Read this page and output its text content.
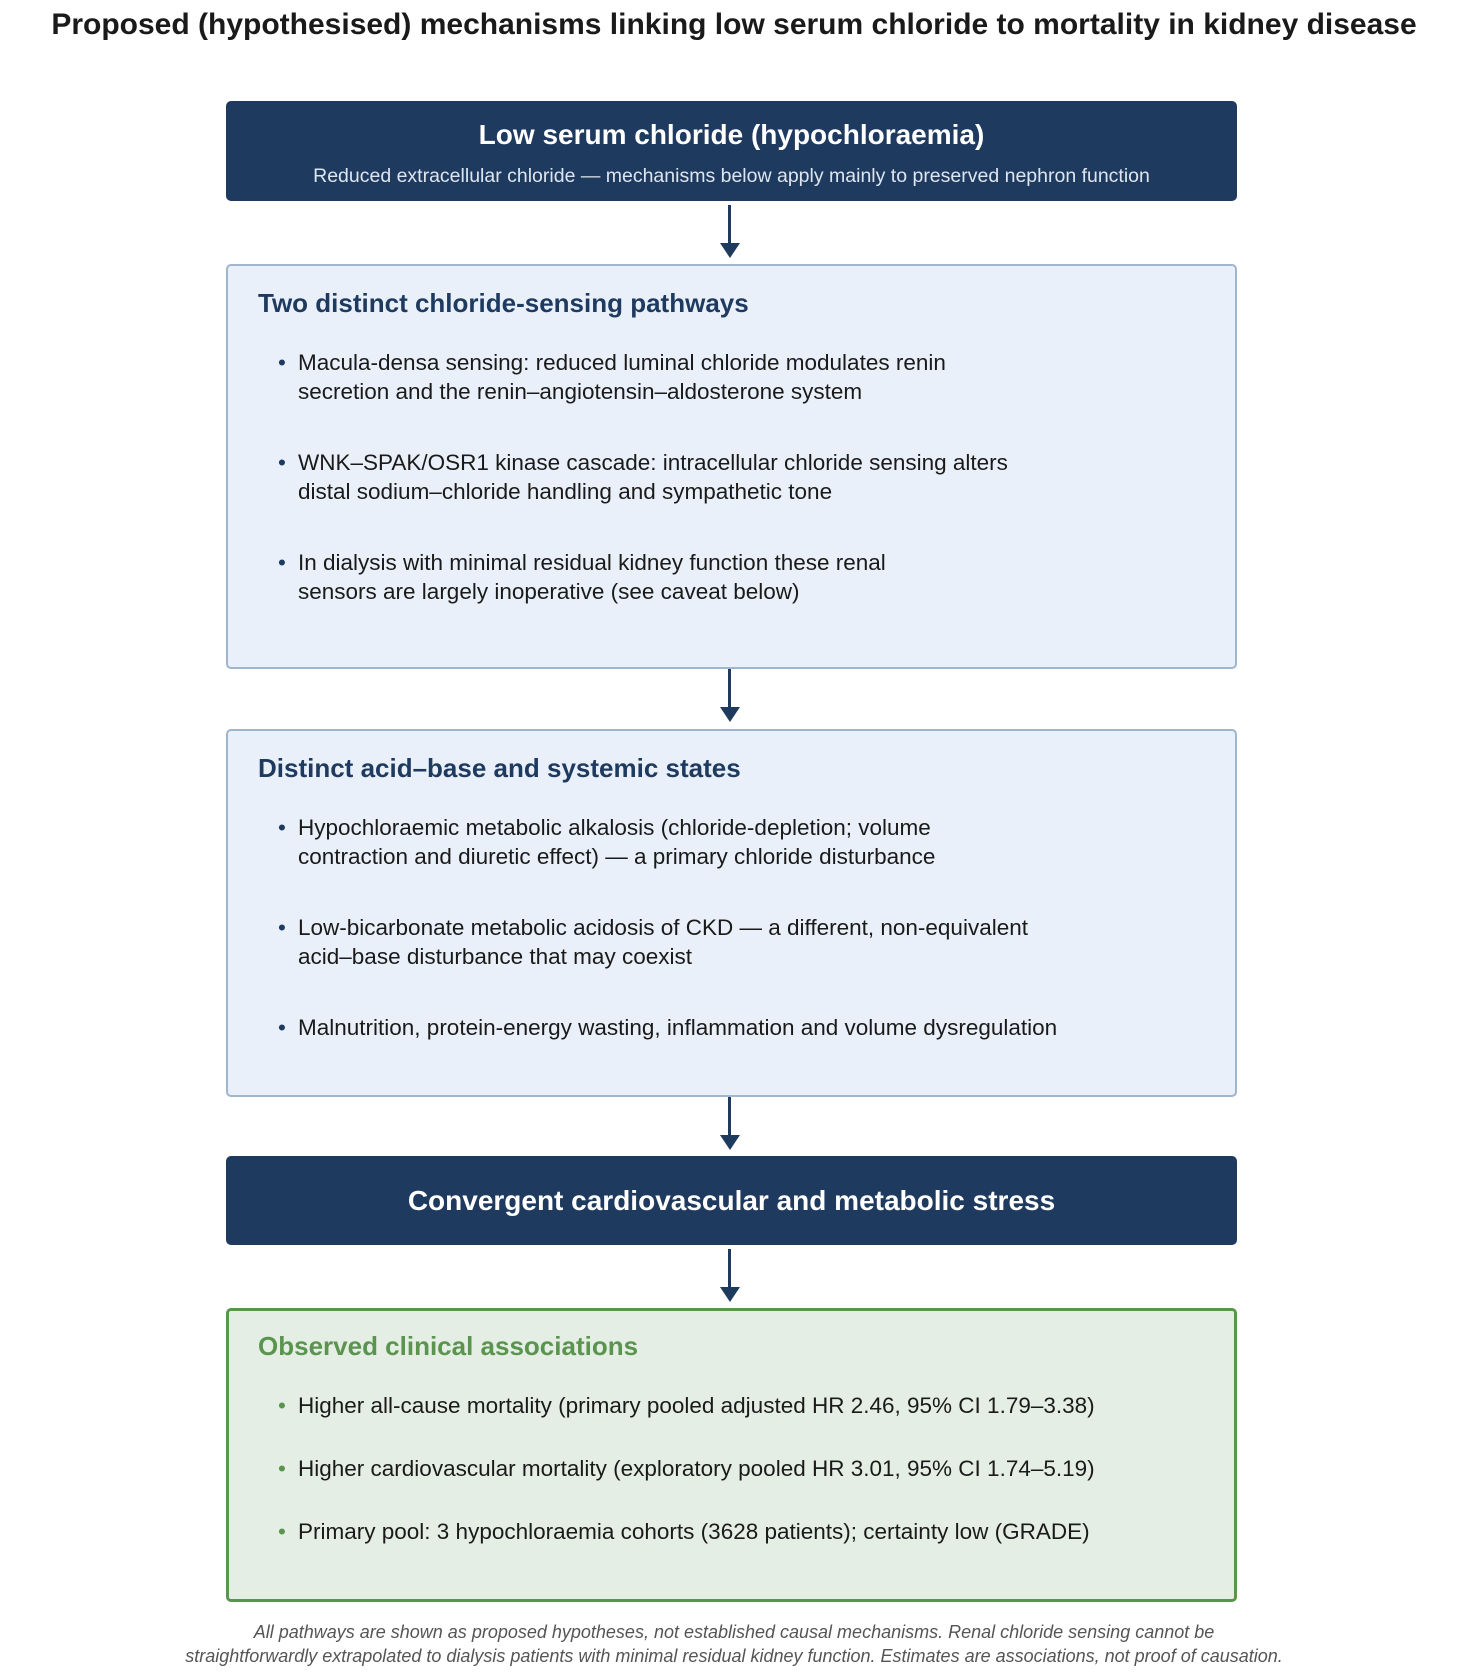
Proposed (hypothesised) mechanisms linking low serum chloride to mortality in kidney disease
Low serum chloride (hypochloraemia)
Reduced extracellular chloride — mechanisms below apply mainly to preserved nephron function
Two distinct chloride-sensing pathways
• Macula-densa sensing: reduced luminal chloride modulates renin
secretion and the renin–angiotensin–aldosterone system
• WNK–SPAK/OSR1 kinase cascade: intracellular chloride sensing alters
distal sodium–chloride handling and sympathetic tone
• In dialysis with minimal residual kidney function these renal
sensors are largely inoperative (see caveat below)
Distinct acid–base and systemic states
• Hypochloraemic metabolic alkalosis (chloride-depletion; volume
contraction and diuretic effect) — a primary chloride disturbance
• Low-bicarbonate metabolic acidosis of CKD — a different, non-equivalent
acid–base disturbance that may coexist
• Malnutrition, protein-energy wasting, inflammation and volume dysregulation
Convergent cardiovascular and metabolic stress
Observed clinical associations
• Higher all-cause mortality (primary pooled adjusted HR 2.46, 95% CI 1.79–3.38)
• Higher cardiovascular mortality (exploratory pooled HR 3.01, 95% CI 1.74–5.19)
• Primary pool: 3 hypochloraemia cohorts (3628 patients); certainty low (GRADE)
All pathways are shown as proposed hypotheses, not established causal mechanisms. Renal chloride sensing cannot be
straightforwardly extrapolated to dialysis patients with minimal residual kidney function. Estimates are associations, not proof of causation.
